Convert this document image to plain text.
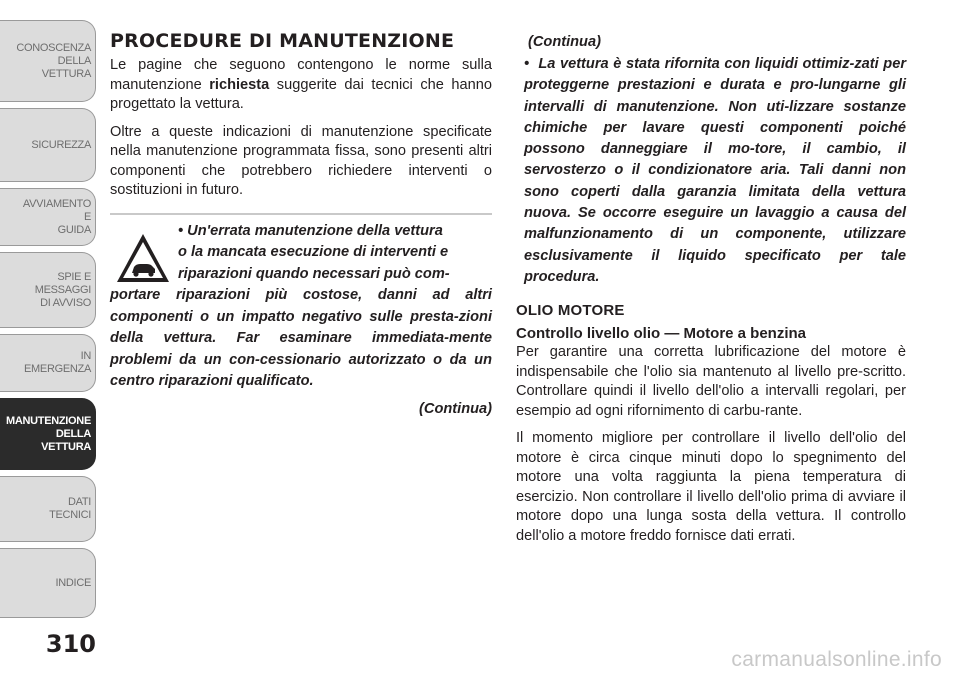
CONOSCENZA
DELLA
VETTURA
SICUREZZA
AVVIAMENTO
E
GUIDA
SPIE E
MESSAGGI
DI AVVISO
IN
EMERGENZA
MANUTENZIONE
DELLA
VETTURA
DATI
TECNICI
INDICE
310
PROCEDURE DI MANUTENZIONE

Le pagine che seguono contengono le norme sulla manutenzione richiesta suggerite dai tecnici che hanno progettato la vettura.

Oltre a queste indicazioni di manutenzione specificate nella manutenzione programmata fissa, sono presenti altri componenti che potrebbero richiedere interventi o sostituzioni in futuro.

• Un'errata manutenzione della vettura
o la mancata esecuzione di interventi e
riparazioni quando necessari può com-
portare riparazioni più costose, danni ad altri componenti o un impatto negativo sulle presta-zioni della vettura. Far esaminare immediata-mente problemi da un con-cessionario autorizzato o da un centro riparazioni qualificato.

(Continua)
(Continua)

• La vettura è stata rifornita con liquidi ottimiz-zati per proteggerne prestazioni e durata e pro-lungarne gli intervalli di manutenzione. Non uti-lizzare sostanze chimiche per lavare questi componenti poiché possono danneggiare il mo-tore, il cambio, il servosterzo o il condizionatore aria. Tali danni non sono coperti dalla garanzia limitata della vettura nuova. Se occorre eseguire un lavaggio a causa del malfunzionamento di un componente, utilizzare esclusivamente il liquido specificato per tale procedura.

OLIO MOTORE
Controllo livello olio — Motore a benzina

Per garantire una corretta lubrificazione del motore è indispensabile che l'olio sia mantenuto al livello pre-scritto. Controllare quindi il livello dell'olio a intervalli regolari, per esempio ad ogni rifornimento di carbu-rante.

Il momento migliore per controllare il livello dell'olio del motore è circa cinque minuti dopo lo spegnimento del motore una volta raggiunta la piena temperatura di esercizio. Non controllare il livello dell'olio prima di avviare il motore dopo una lunga sosta della vettura. Il controllo dell'olio a motore freddo fornisce dati errati.

carmanualsonline.info
